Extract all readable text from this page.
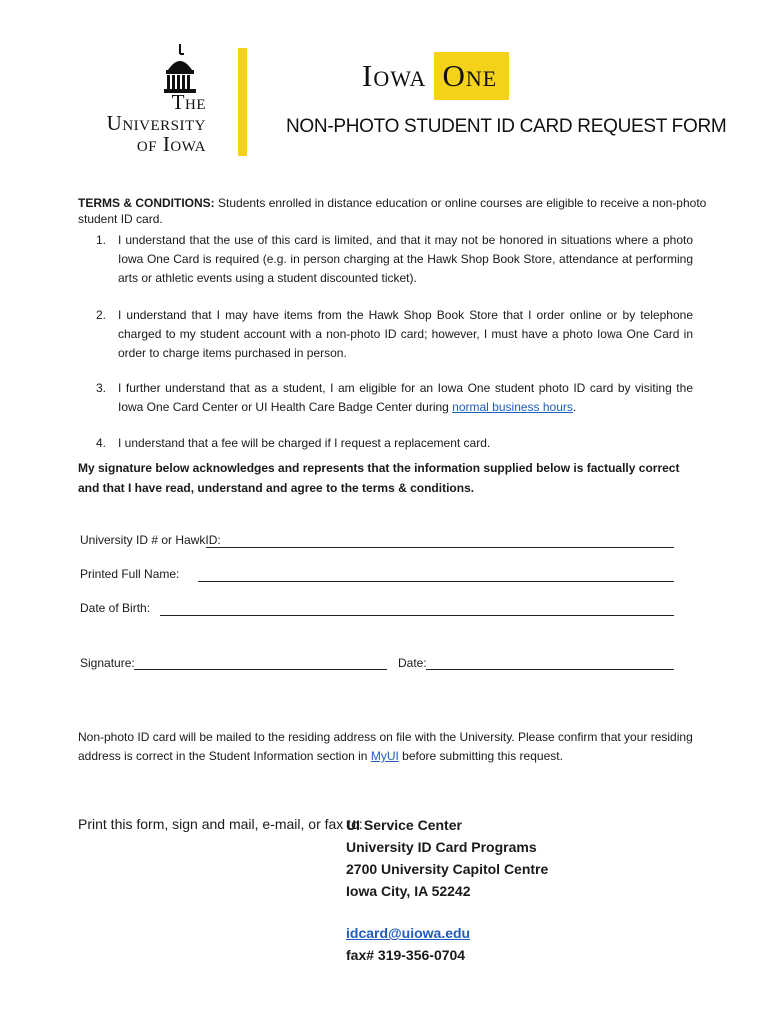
The
University
of Iowa
Iowa One
NON-PHOTO STUDENT ID CARD REQUEST FORM
TERMS & CONDITIONS: Students enrolled in distance education or online courses are eligible to receive a non-photo student ID card.
1. I understand that the use of this card is limited, and that it may not be honored in situations where a photo Iowa One Card is required (e.g. in person charging at the Hawk Shop Book Store, attendance at performing arts or athletic events using a student discounted ticket).
2. I understand that I may have items from the Hawk Shop Book Store that I order online or by telephone charged to my student account with a non-photo ID card; however, I must have a photo Iowa One Card in order to charge items purchased in person.
3. I further understand that as a student, I am eligible for an Iowa One student photo ID card by visiting the Iowa One Card Center or UI Health Care Badge Center during normal business hours.
4. I understand that a fee will be charged if I request a replacement card.
My signature below acknowledges and represents that the information supplied below is factually correct and that I have read, understand and agree to the terms & conditions.
University ID # or HawkID:
Printed Full Name:
Date of Birth:
Signature:	Date:
Non-photo ID card will be mailed to the residing address on file with the University. Please confirm that your residing address is correct in the Student Information section in MyUI before submitting this request.
Print this form, sign and mail, e-mail, or fax to:
UI Service Center
University ID Card Programs
2700 University Capitol Centre
Iowa City, IA 52242
idcard@uiowa.edu
fax# 319-356-0704
